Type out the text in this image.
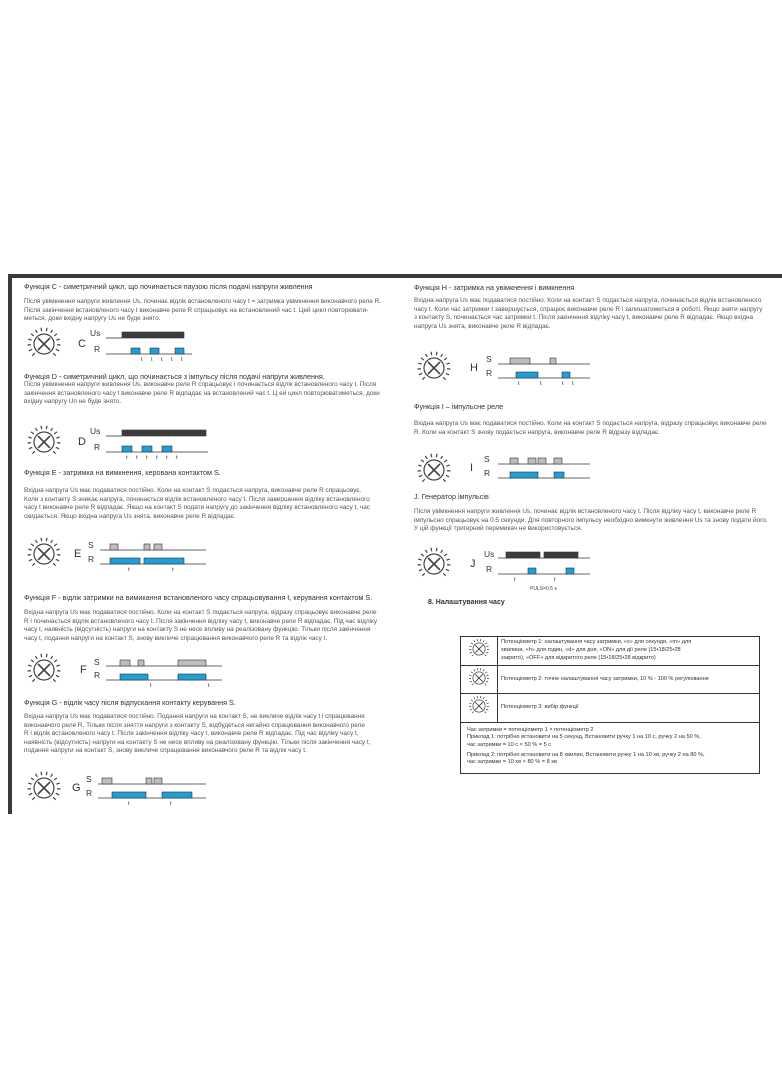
Функція C - симетричний цикл, що починається паузою після подачі напруги живлення
Після увімкнення напруги живлення Us, починає відлік встановленого часу t = затримка увімкнення виконавчого реле R.
Після закінчення встановленого часу t виконавче реле R спрацьовує на встановлений час t. Цей цикл повторювати-
меться, доки вхідну напругу Us не буде знято.
C
Us
R
t t t t t
Функція D - симетричний цикл, що починається з імпульсу після подачі напруги живлення.
Після увімкнення напруги живлення Us, виконавче реле R спрацьовує і починається відлік встановленого часу t. Після
закінчення встановленого часу t виконавче реле R відпадає на встановлений час t. Ц ей цикл повторюватиметься, доки
вхідну напругу Un не буде знято.
D
Us
R
t t t t t t
Функція E - затримка на вимкнення, керована контактом S.
Вхідна напруга Us має подаватися постійно. Коли на контакт S подається напруга, виконавче реле R спрацьовує.
Коли з контакту S зникає напруга, починається відлік встановленого часу t. Після завершення відліку встановленого
часу t виконавче реле R відпадає. Якщо на контакт S подати напругу до закінчення відліку встановленого часу t, час
скидається. Якщо вхідна напруга Us знята, виконавче реле R відпадає.
E
S
R
t	t
Функція F - відлік затримки на вимикання встановленого часу спрацьовування t, керування контактом S.
Вхідна напруга Us має подаватися постійно. Коли на контакт S подається напруга, відразу спрацьовує виконавче реле
R і починається відлік встановленого часу t. Після закінчення відліку часу t, виконавче реле R відпадає. Під час відліку
часу t, наявність (відсутність) напруги на контакту S не несе впливу на реалізовану функцію. Тільки після закінчення
часу t, подання напруги на контакт S, знову викличе спрацювання виконавчого реле R та відлік часу t.
F
S
R
t	t
Функція G - відлік часу після відпускання контакту керування S.
Вхідна напруга Us має подаватися постійно. Подання напруги на контакт S, не викличе відлік часу t і спрацювання
виконавчого реле R. Тільки після зняття напруги з контакту S, відбудеться негайно спрацювання виконавчого реле
R і відлік встановленого часу t. Після закінчення відліку часу t, виконавче реле R відпадає. Під час відліку часу t,
наявність (відсутність) напруги на контакту S не несе впливу на реалізовану функцію. Тільки після закінчення часу t,
подання напруги на контакт S, знову викличе спрацювання виконавчого реле R та відлік часу t.
G
S
R
t	t
Функція H - затримка на увімкнення і вимкнення
Вхідна напруга Us має подаватися постійно. Коли на контакт S подається напруга, починається відлік встановленого
часу t. Коли час затримки t завершується, спрацює виконавче реле R і залишатиметься в роботі. Якщо зняти напругу
з контакту S, починається час затримки t. Після закінчення відліку часу t, виконавче реле R відпадає. Якщо вхідна
напруга Us знята, виконавче реле R відпадає.
H
S
R
t	t	t t
Функція I – імпульсне реле
Вхідна напруга Us має подаватися постійно. Коли на контакт S подається напруга, відразу спрацьовує виконавче реле
R. Коли на контакт S знову подається напруга, виконавче реле R відразу відпадає.
I
S
R
J. Генератор імпульсів
Після увімкнення напруги живлення Us, починає відлік встановленого часу t. Після відліку часу t, виконавче реле R
імпульсно спрацьовує на 0.5 секунди. Для повторного імпульсу необхідно вимкнути живлення Us та знову подати його.
У цій функції тригерний перемикач не використовується.
J
Us
R
t	t
PULS=0.5 s
8. Налаштування часу

Потенціометр 1: налаштування часу затримки, «s» для секунди, «m» для
хвилини, «h» для годин, «d» для дня, «ON» для дії реле (15•18/25•28
закрито), «OFF» для відкритого реле (15•18/25•28 відкрито)

Потенціометр 2: точне налаштування часу затримки, 10 % - 100 % регулювання

Потенціометр 3: вибір функції

Час затримки = потенціометр 1 × потенціометр 2
Приклад 1: потрібно встановити на 5 секунд, Встановити ручку 1 на 10 с, ручку 2 на 50 %,
час затримки = 10 с × 50 % = 5 с
Приклад 2: потрібно встановити на 8 хвилин, Встановити ручку 1 на 10 хв, ручку 2 на 80 %,
час затримки = 10 хв × 80 % = 8 хв	
